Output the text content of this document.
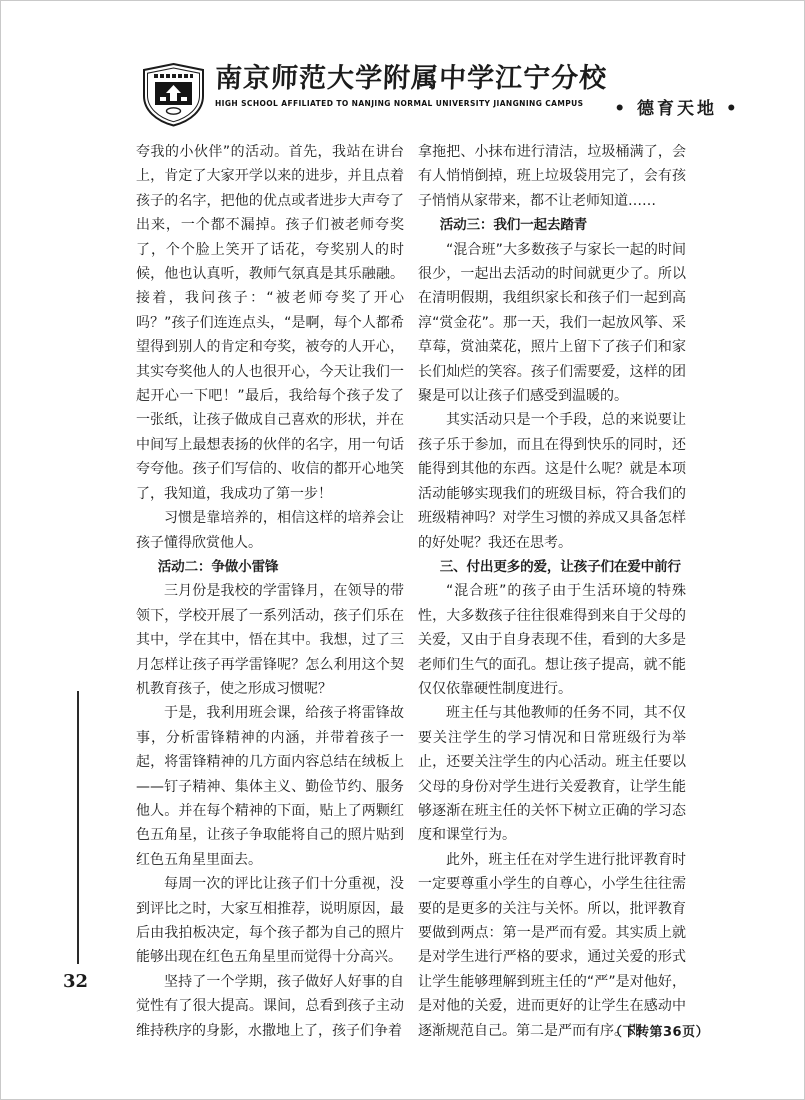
南京师范大学附属中学江宁分校
HIGH SCHOOL AFFILIATED TO NANJING NORMAL UNIVERSITY JIANGNING CAMPUS	• 德育天地 •

夸我的小伙伴”的活动。首先，我站在讲台上，肯定了大家开学以来的进步，并且点着孩子的名字，把他的优点或者进步大声夸了出来，一个都不漏掉。孩子们被老师夸奖了，个个脸上笑开了话花，夸奖别人的时候，他也认真听，教师气氛真是其乐融融。接着，我问孩子：“被老师夸奖了开心吗？”孩子们连连点头，“是啊，每个人都希望得到别人的肯定和夸奖，被夸的人开心，其实夸奖他人的人也很开心，今天让我们一起开心一下吧！”最后，我给每个孩子发了一张纸，让孩子做成自己喜欢的形状，并在中间写上最想表扬的伙伴的名字，用一句话夸夸他。孩子们写信的、收信的都开心地笑了，我知道，我成功了第一步！

习惯是靠培养的，相信这样的培养会让孩子懂得欣赏他人。

活动二：争做小雷锋

三月份是我校的学雷锋月，在领导的带领下，学校开展了一系列活动，孩子们乐在其中，学在其中，悟在其中。我想，过了三月怎样让孩子再学雷锋呢？怎么利用这个契机教育孩子，使之形成习惯呢？

于是，我利用班会课，给孩子将雷锋故事，分析雷锋精神的内涵，并带着孩子一起，将雷锋精神的几方面内容总结在绒板上——钉子精神、集体主义、勤俭节约、服务他人。并在每个精神的下面，贴上了两颗红色五角星，让孩子争取能将自己的照片贴到红色五角星里面去。

每周一次的评比让孩子们十分重视，没到评比之时，大家互相推荐，说明原因，最后由我拍板决定，每个孩子都为自己的照片能够出现在红色五角星里而觉得十分高兴。

坚持了一个学期，孩子做好人好事的自觉性有了很大提高。课间，总看到孩子主动维持秩序的身影，水撒地上了，孩子们争着

拿拖把、小抹布进行清洁，垃圾桶满了，会有人悄悄倒掉，班上垃圾袋用完了，会有孩子悄悄从家带来，都不让老师知道……

活动三：我们一起去踏青

“混合班”大多数孩子与家长一起的时间很少，一起出去活动的时间就更少了。所以在清明假期，我组织家长和孩子们一起到高淳“赏金花”。那一天，我们一起放风筝、采草莓，赏油菜花，照片上留下了孩子们和家长们灿烂的笑容。孩子们需要爱，这样的团聚是可以让孩子们感受到温暖的。

其实活动只是一个手段，总的来说要让孩子乐于参加，而且在得到快乐的同时，还能得到其他的东西。这是什么呢？就是本项活动能够实现我们的班级目标，符合我们的班级精神吗？对学生习惯的养成又具备怎样的好处呢？我还在思考。

三、付出更多的爱，让孩子们在爱中前行

“混合班”的孩子由于生活环境的特殊性，大多数孩子往往很难得到来自于父母的关爱，又由于自身表现不佳，看到的大多是老师们生气的面孔。想让孩子提高，就不能仅仅依靠硬性制度进行。

班主任与其他教师的任务不同，其不仅要关注学生的学习情况和日常班级行为举止，还要关注学生的内心活动。班主任要以父母的身份对学生进行关爱教育，让学生能够逐渐在班主任的关怀下树立正确的学习态度和课堂行为。

此外，班主任在对学生进行批评教育时一定要尊重小学生的自尊心，小学生往往需要的是更多的关注与关怀。所以，批评教育要做到两点：第一是严而有爱。其实质上就是对学生进行严格的要求，通过关爱的形式让学生能够理解到班主任的“严”是对他好，是对他的关爱，进而更好的让学生在感动中逐渐规范自己。第二是严而有序。即

32
（下转第36页）
